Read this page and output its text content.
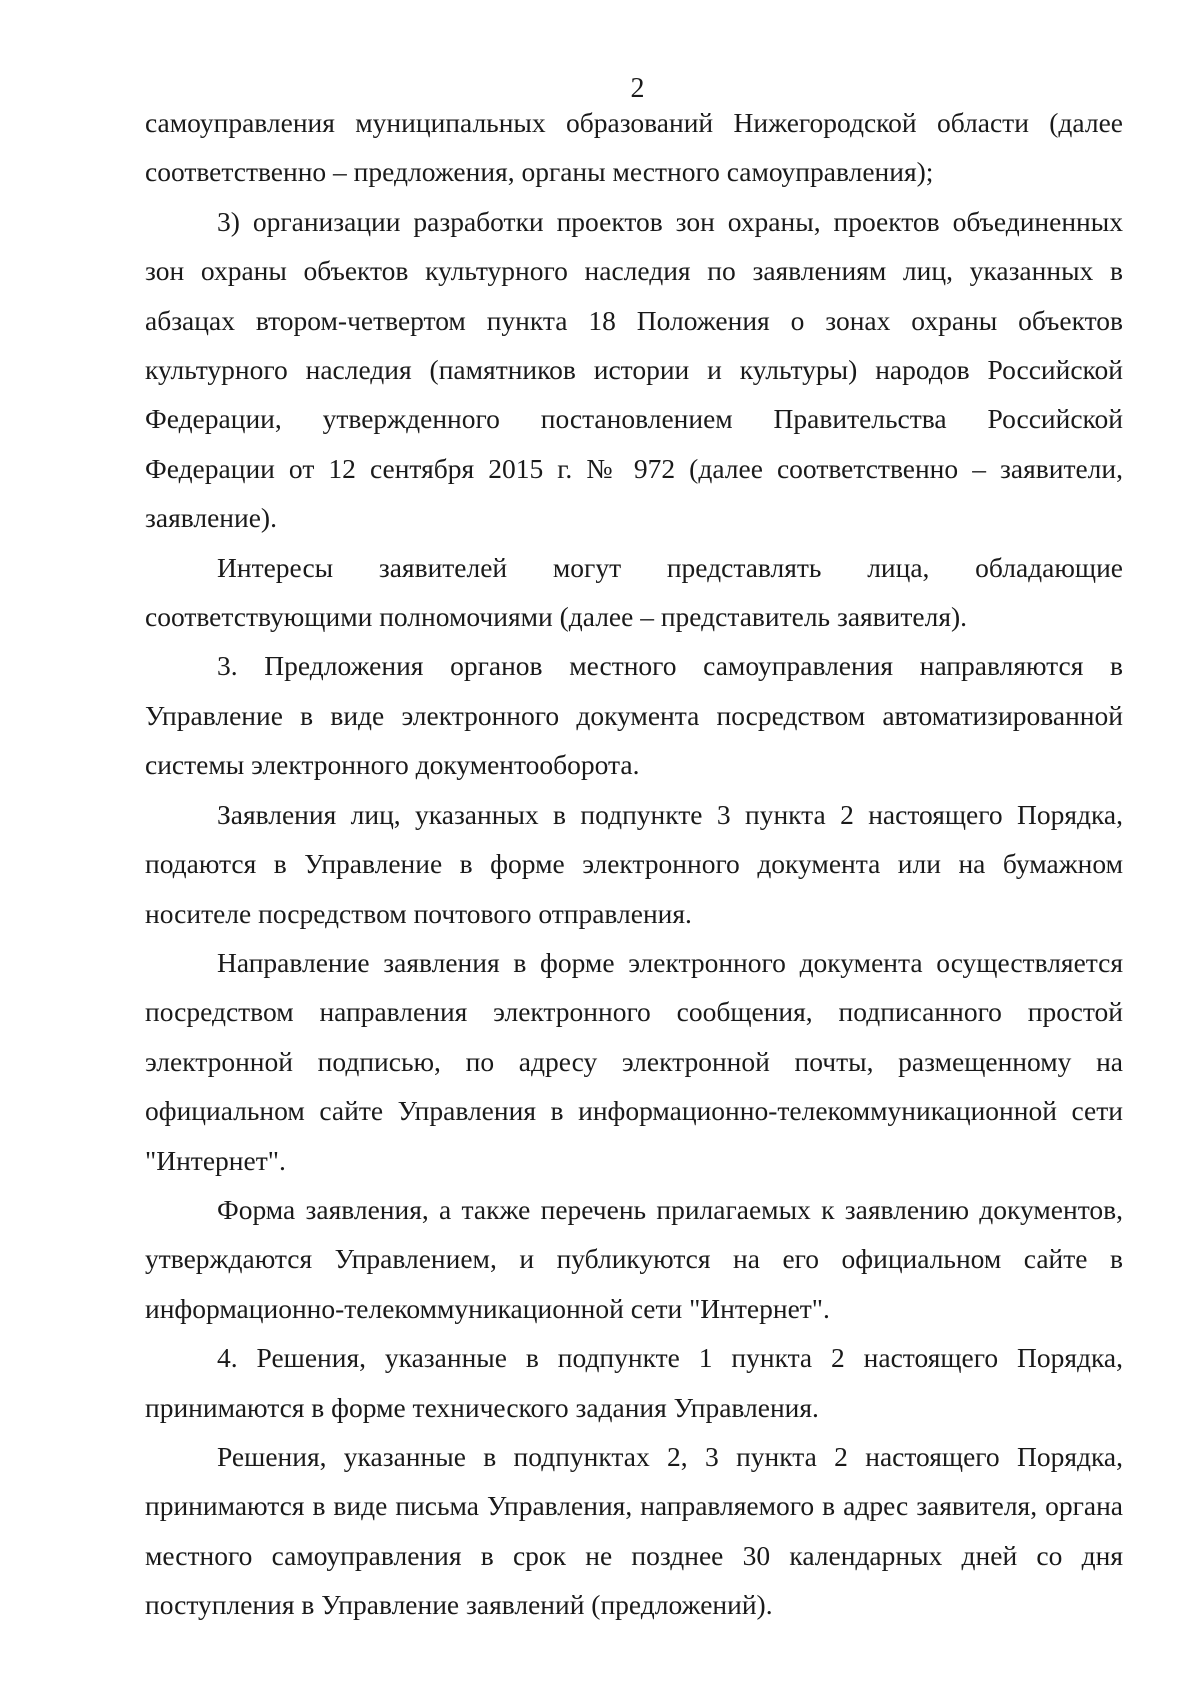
2

самоуправления муниципальных образований Нижегородской области (далее соответственно – предложения, органы местного самоуправления);

3) организации разработки проектов зон охраны, проектов объединенных зон охраны объектов культурного наследия по заявлениям лиц, указанных в абзацах втором-четвертом пункта 18 Положения о зонах охраны объектов культурного наследия (памятников истории и культуры) народов Российской Федерации, утвержденного постановлением Правительства Российской Федерации от 12 сентября 2015 г. № 972 (далее соответственно – заявители, заявление).

Интересы заявителей могут представлять лица, обладающие соответствующими полномочиями (далее – представитель заявителя).

3. Предложения органов местного самоуправления направляются в Управление в виде электронного документа посредством автоматизированной системы электронного документооборота.

Заявления лиц, указанных в подпункте 3 пункта 2 настоящего Порядка, подаются в Управление в форме электронного документа или на бумажном носителе посредством почтового отправления.

Направление заявления в форме электронного документа осуществляется посредством направления электронного сообщения, подписанного простой электронной подписью, по адресу электронной почты, размещенному на официальном сайте Управления в информационно-телекоммуникационной сети "Интернет".

Форма заявления, а также перечень прилагаемых к заявлению документов, утверждаются Управлением, и публикуются на его официальном сайте в информационно-телекоммуникационной сети "Интернет".

4. Решения, указанные в подпункте 1 пункта 2 настоящего Порядка, принимаются в форме технического задания Управления.

Решения, указанные в подпунктах 2, 3 пункта 2 настоящего Порядка, принимаются в виде письма Управления, направляемого в адрес заявителя, органа местного самоуправления в срок не позднее 30 календарных дней со дня поступления в Управление заявлений (предложений).
